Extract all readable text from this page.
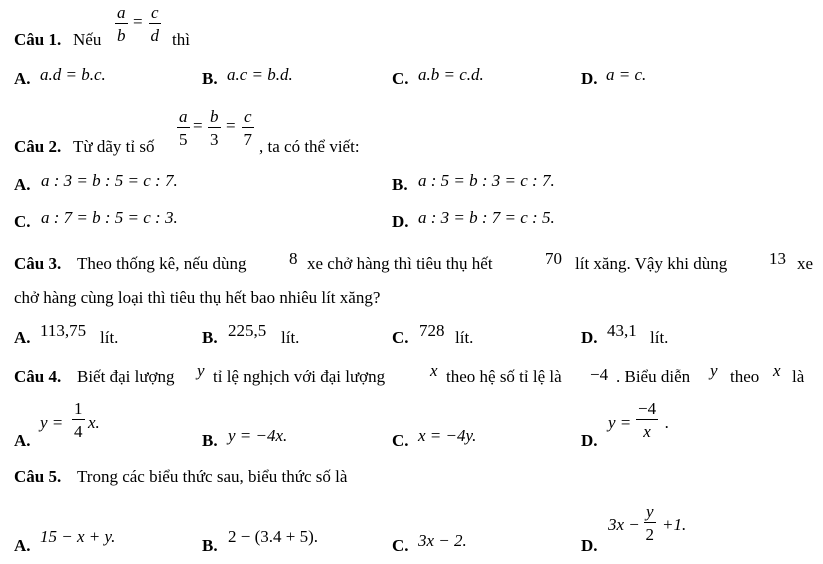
Câu 1. Nếu $\frac{a}{b} = \frac{c}{d}$ thì
A. a.d = b.c.	B. a.c = b.d.	C. a.b = c.d.	D. a = c.
Câu 2. Từ dãy tỉ số $\frac{a}{5} = \frac{b}{3} = \frac{c}{7}$ , ta có thể viết:
A. a : 3 = b : 5 = c : 7.	B. a : 5 = b : 3 = c : 7.
C. a : 7 = b : 5 = c : 3.	D. a : 3 = b : 7 = c : 5.
Câu 3. Theo thống kê, nếu dùng	8 xe chở hàng thì tiêu thụ hết	70 lít xăng. Vậy khi dùng 13 xe
chở hàng cùng loại thì tiêu thụ hết bao nhiêu lít xăng?
A. 113,75 lít.	B. 225,5 lít.	C. 728 lít.	D. 43,1 lít.
Câu 4. Biết đại lượng y tỉ lệ nghịch với đại lượng	x theo hệ số tỉ lệ là −4 . Biểu diễn y theo x là
A.
$y = \frac{1}{4} x$.
B. y = −4x.	C. x = −4y.	D.
$y = \frac{-4}{x}$ .
Câu 5. Trong các biểu thức sau, biểu thức số là
A. 15 − x + y.	B. 2 − (3.4 + 5).	C. 3x − 2.	D.
$3x - \frac{y}{2} +1$.
